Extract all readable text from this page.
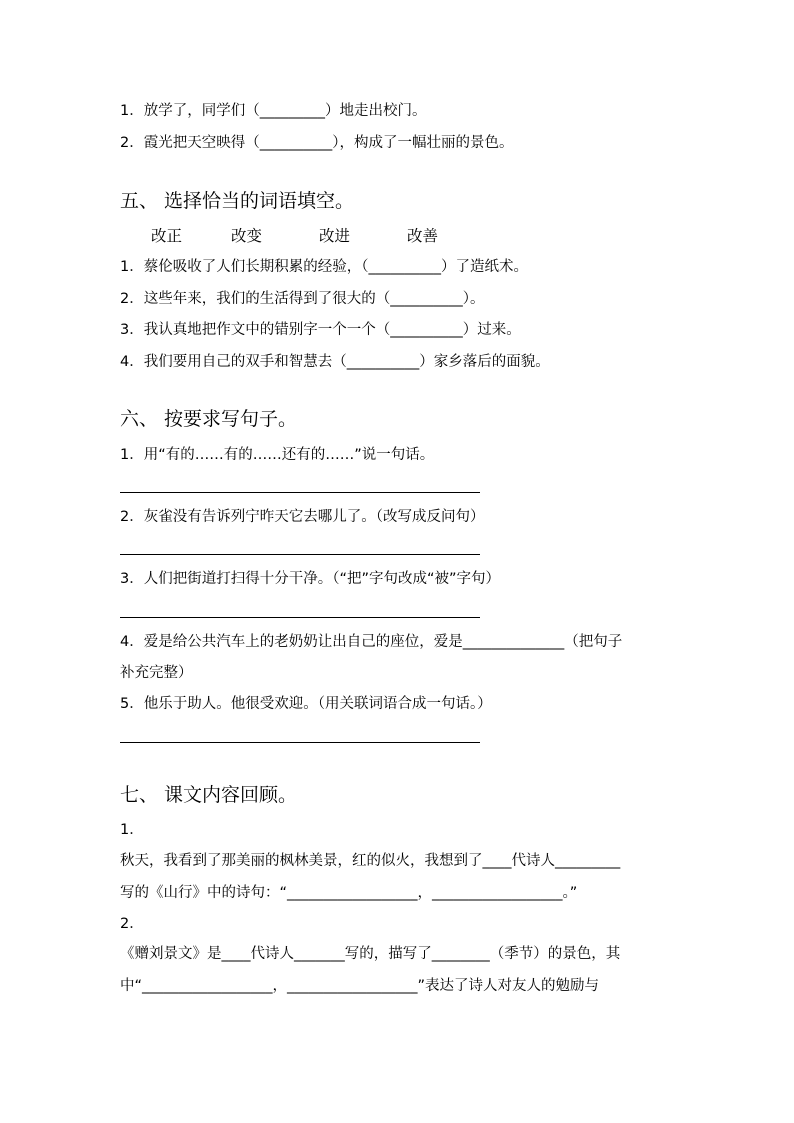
1．放学了，同学们（_________）地走出校门。
2．霞光把天空映得（__________），构成了一幅壮丽的景色。
五、 选择恰当的词语填空。
改正	改变	改进	改善
1．蔡伦吸收了人们长期积累的经验，（__________）了造纸术。
2．这些年来，我们的生活得到了很大的（__________）。
3．我认真地把作文中的错别字一个一个（__________）过来。
4．我们要用自己的双手和智慧去（__________）家乡落后的面貌。
六、 按要求写句子。
1．用“有的……有的……还有的……”说一句话。
2．灰雀没有告诉列宁昨天它去哪儿了。（改写成反问句）
3．人们把街道打扫得十分干净。（“把”字句改成“被”字句）
4．爱是给公共汽车上的老奶奶让出自己的座位，爱是______________（把句子
补充完整）
5．他乐于助人。他很受欢迎。（用关联词语合成一句话。）
七、 课文内容回顾。
1．
秋天，我看到了那美丽的枫林美景，红的似火，我想到了____代诗人_________
写的《山行》中的诗句：“__________________，__________________。”
2．
《赠刘景文》是____代诗人_______写的，描写了________（季节）的景色，其
中“__________________，__________________”表达了诗人对友人的勉励与
